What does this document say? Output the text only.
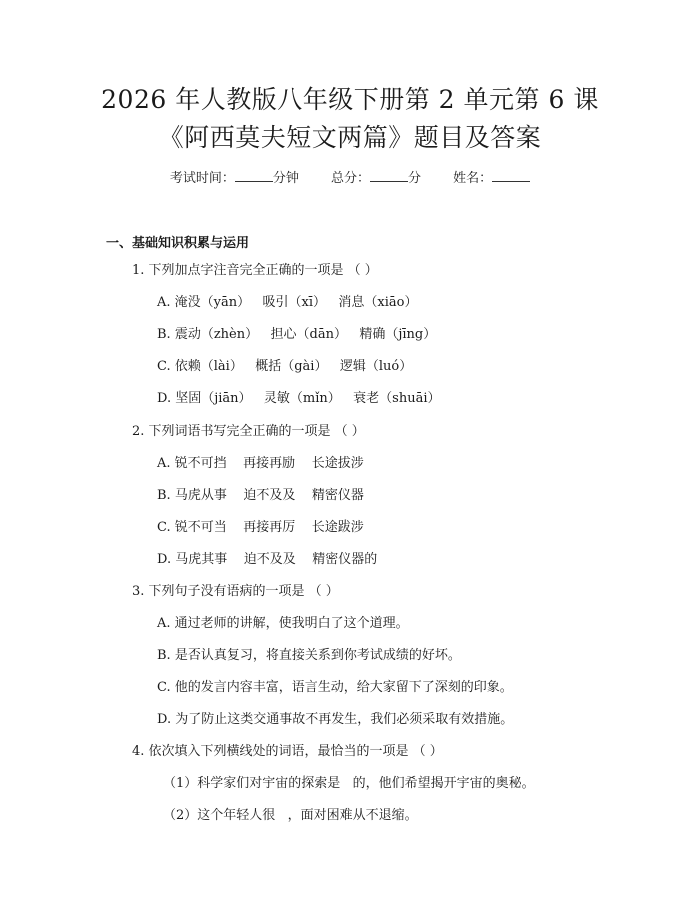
2026 年人教版八年级下册第 2 单元第 6 课
《阿西莫夫短文两篇》题目及答案
考试时间：	分钟 总分：	分 姓名：
一、基础知识积累与运用
1. 下列加点字注音完全正确的一项是 （ ）
A. 淹没（yān）   吸引（xī）   消息（xiāo）
B. 震动（zhèn）   担心（dān）   精确（jīng）
C. 依赖（lài）   概括（gài）   逻辑（luó）
D. 坚固（jiān）   灵敏（mǐn）   衰老（shuāi）
2. 下列词语书写完全正确的一项是 （ ）
A. 锐不可挡    再接再励    长途拔涉
B. 马虎从事    迫不及及    精密仪器
C. 锐不可当    再接再厉    长途跋涉
D. 马虎其事    迫不及及    精密仪器的
3. 下列句子没有语病的一项是 （ ）
A. 通过老师的讲解，使我明白了这个道理。
B. 是否认真复习，将直接关系到你考试成绩的好坏。
C. 他的发言内容丰富，语言生动，给大家留下了深刻的印象。
D. 为了防止这类交通事故不再发生，我们必须采取有效措施。
4. 依次填入下列横线处的词语，最恰当的一项是 （ ）
（1）科学家们对宇宙的探索是   的，他们希望揭开宇宙的奥秘。
（2）这个年轻人很   ，面对困难从不退缩。
